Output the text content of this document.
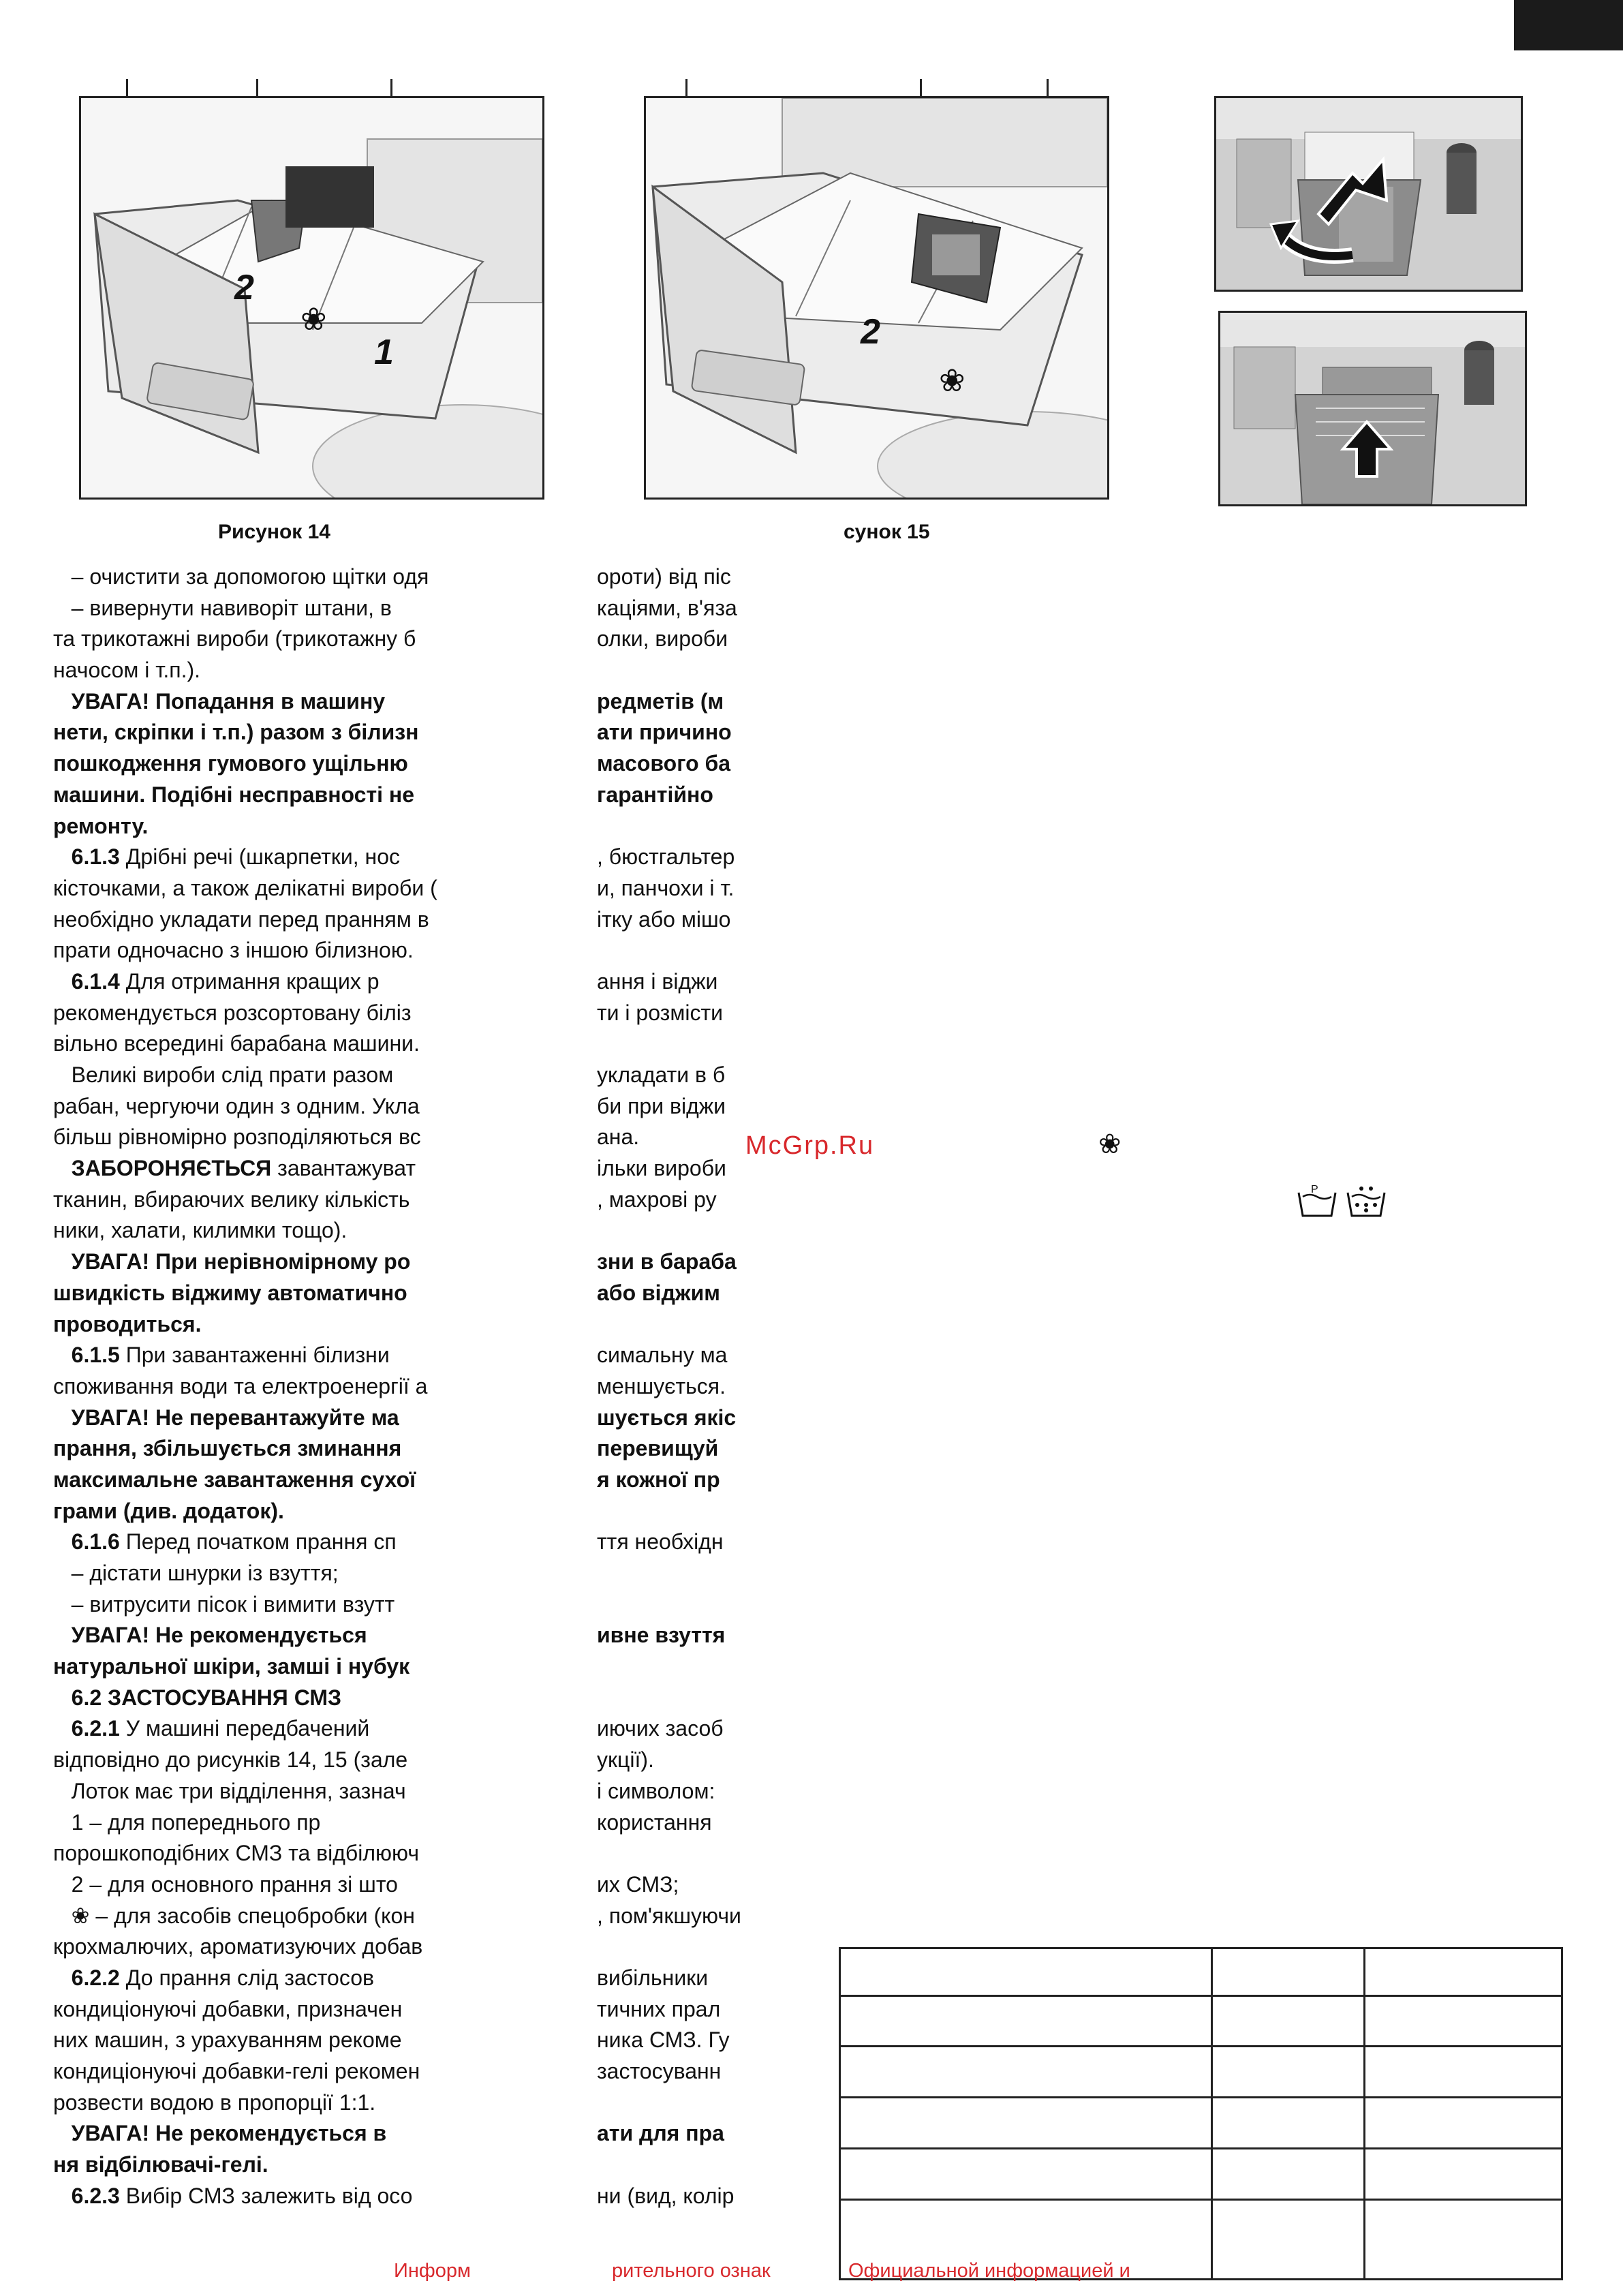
2
1
❀
Рисунок 14
2
❀
сунок 15
– очистити за допомогою щітки одя
– вивернути навиворіт штани, в
та трикотажні вироби (трикотажну б
начосом і т.п.).
УВАГА! Попадання в машину
нети, скріпки і т.п.) разом з білизн
пошкодження гумового ущільню
машини. Подібні несправності не
ремонту.
6.1.3 Дрібні речі (шкарпетки, нос
кісточками, а також делікатні вироби (
необхідно укладати перед пранням в
прати одночасно з іншою білизною.
6.1.4 Для отримання кращих р
рекомендується розсортовану біліз
вільно всередині барабана машини.
Великі вироби слід прати разом
рабан, чергуючи один з одним. Укла
більш рівномірно розподіляються вс
ЗАБОРОНЯЄТЬСЯ завантажуват
тканин, вбираючих велику кількість
ники, халати, килимки тощо).
УВАГА! При нерівномірному ро
швидкість віджиму автоматично
проводиться.
6.1.5 При завантаженні білизни
споживання води та електроенергії а
УВАГА! Не перевантажуйте ма
прання, збільшується зминання
максимальне завантаження сухої
грами (див. додаток).
6.1.6 Перед початком прання сп
– дістати шнурки із взуття;
– витрусити пісок і вимити взутт
УВАГА! Не рекомендується
натуральної шкіри, замші і нубук
6.2 ЗАСТОСУВАННЯ СМЗ
6.2.1 У машині передбачений
відповідно до рисунків 14, 15 (зале
Лоток має три відділення, зазнач
1 – для попереднього пр
порошкоподібних СМЗ та відбілююч
2 – для основного прання зі што
❀ – для засобів спецобробки (кон
крохмалючих, ароматизуючих добав
6.2.2 До прання слід застосов
кондиціонуючі добавки, призначен
них машин, з урахуванням рекоме
кондиціонуючі добавки-гелі рекомен
розвести водою в пропорції 1:1.
УВАГА! Не рекомендується в
ня відбілювачі-гелі.
6.2.3 Вибір СМЗ залежить від осо
ороти) від піс
каціями, в'яза
олки, вироби
редметів (м
ати причино
масового ба
гарантійно
, бюстгальтер
и, панчохи і т.
ітку або мішо
ання і віджи
ти і розмісти
укладати в б
би при віджи
ана.
ільки вироби
, махрові ру
зни в бараба
або віджим
симальну ма
меншується.
шується якіс
перевищуй
я кожної пр
ття необхідн
ивне взуття
иючих засоб
укції).
і символом:
користання
их СМЗ;
, пом'якшуючи
вибільники
тичних прал
ника СМЗ. Гу
застосуванн
ати для пра
ни (вид, колір
McGrp.Ru	❀
P

Информ	рительного ознак	Официальной информацией и
